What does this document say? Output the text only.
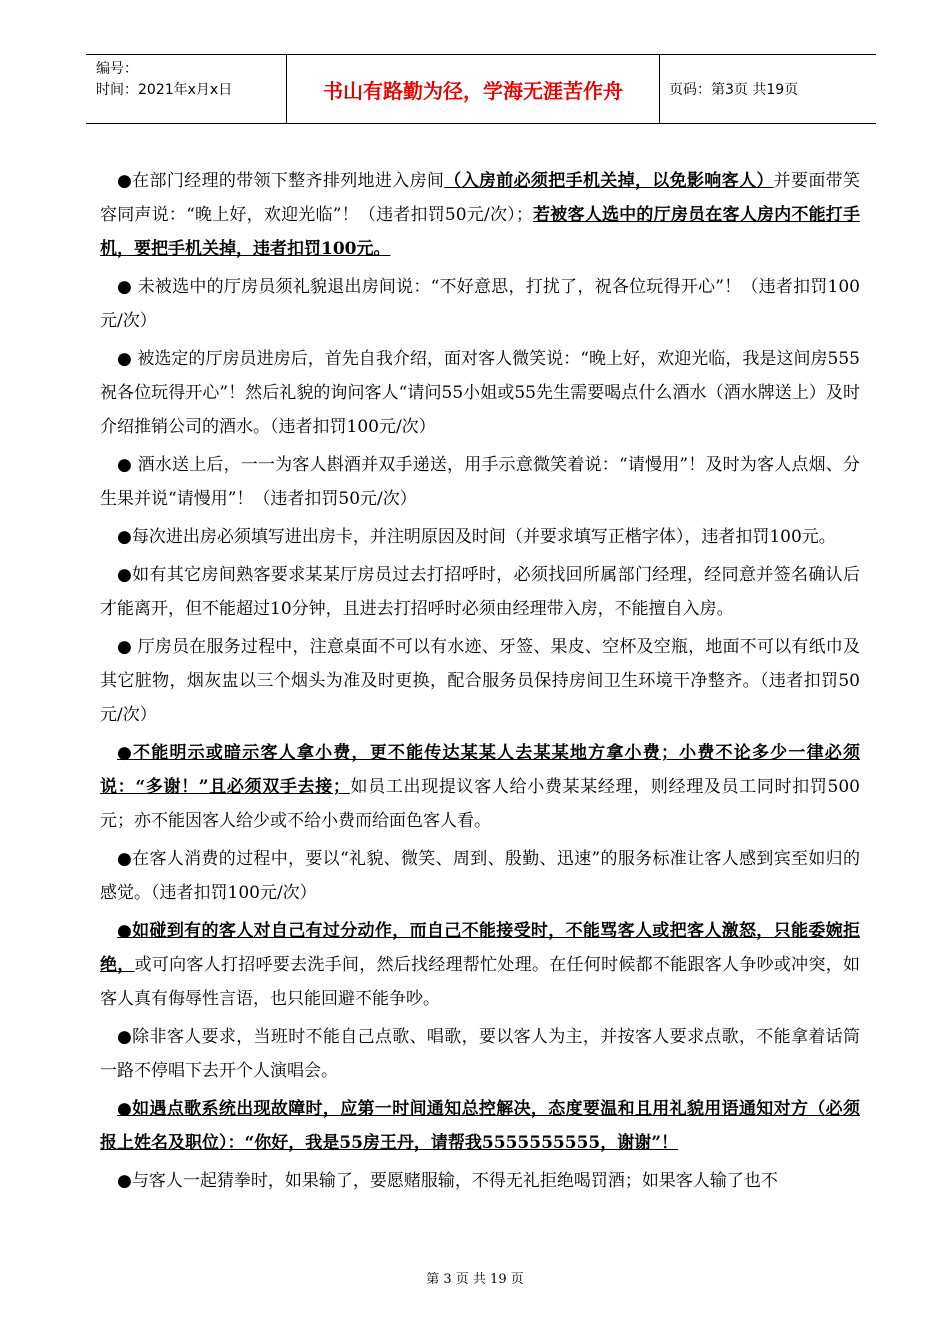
编号：
时间：2021年x月x日	书山有路勤为径，学海无涯苦作舟	页码：第3页 共19页

●在部门经理的带领下整齐排列地进入房间（入房前必须把手机关掉，以免影响客人）并要面带笑容同声说：“晚上好，欢迎光临”！（违者扣罚50元/次）；若被客人选中的厅房员在客人房内不能打手机，要把手机关掉，违者扣罚100元。

● 未被选中的厅房员须礼貌退出房间说：“不好意思，打扰了，祝各位玩得开心”！（违者扣罚100元/次）

● 被选定的厅房员进房后，首先自我介绍，面对客人微笑说：“晚上好，欢迎光临，我是这间房555祝各位玩得开心”！然后礼貌的询问客人“请问55小姐或55先生需要喝点什么酒水（酒水牌送上）及时介绍推销公司的酒水。（违者扣罚100元/次）

● 酒水送上后，一一为客人斟酒并双手递送，用手示意微笑着说：“请慢用”！及时为客人点烟、分生果并说“请慢用”！（违者扣罚50元/次）

●每次进出房必须填写进出房卡，并注明原因及时间（并要求填写正楷字体），违者扣罚100元。

●如有其它房间熟客要求某某厅房员过去打招呼时，必须找回所属部门经理，经同意并签名确认后才能离开，但不能超过10分钟，且进去打招呼时必须由经理带入房，不能擅自入房。

● 厅房员在服务过程中，注意桌面不可以有水迹、牙签、果皮、空杯及空瓶，地面不可以有纸巾及其它脏物，烟灰盅以三个烟头为准及时更换，配合服务员保持房间卫生环境干净整齐。（违者扣罚50元/次）

●不能明示或暗示客人拿小费，更不能传达某某人去某某地方拿小费；小费不论多少一律必须说：“多谢！”且必须双手去接；如员工出现提议客人给小费某某经理，则经理及员工同时扣罚500元；亦不能因客人给少或不给小费而给面色客人看。

●在客人消费的过程中，要以“礼貌、微笑、周到、殷勤、迅速”的服务标准让客人感到宾至如归的感觉。（违者扣罚100元/次）

●如碰到有的客人对自己有过分动作，而自己不能接受时，不能骂客人或把客人激怒，只能委婉拒绝，或可向客人打招呼要去洗手间，然后找经理帮忙处理。在任何时候都不能跟客人争吵或冲突，如客人真有侮辱性言语，也只能回避不能争吵。

●除非客人要求，当班时不能自己点歌、唱歌，要以客人为主，并按客人要求点歌，不能拿着话筒一路不停唱下去开个人演唱会。

●如遇点歌系统出现故障时，应第一时间通知总控解决，态度要温和且用礼貌用语通知对方（必须报上姓名及职位）：“你好，我是55房王丹，请帮我5555555555，谢谢”！

●与客人一起猜拳时，如果输了，要愿赌服输，不得无礼拒绝喝罚酒；如果客人输了也不

第 3 页 共 19 页
